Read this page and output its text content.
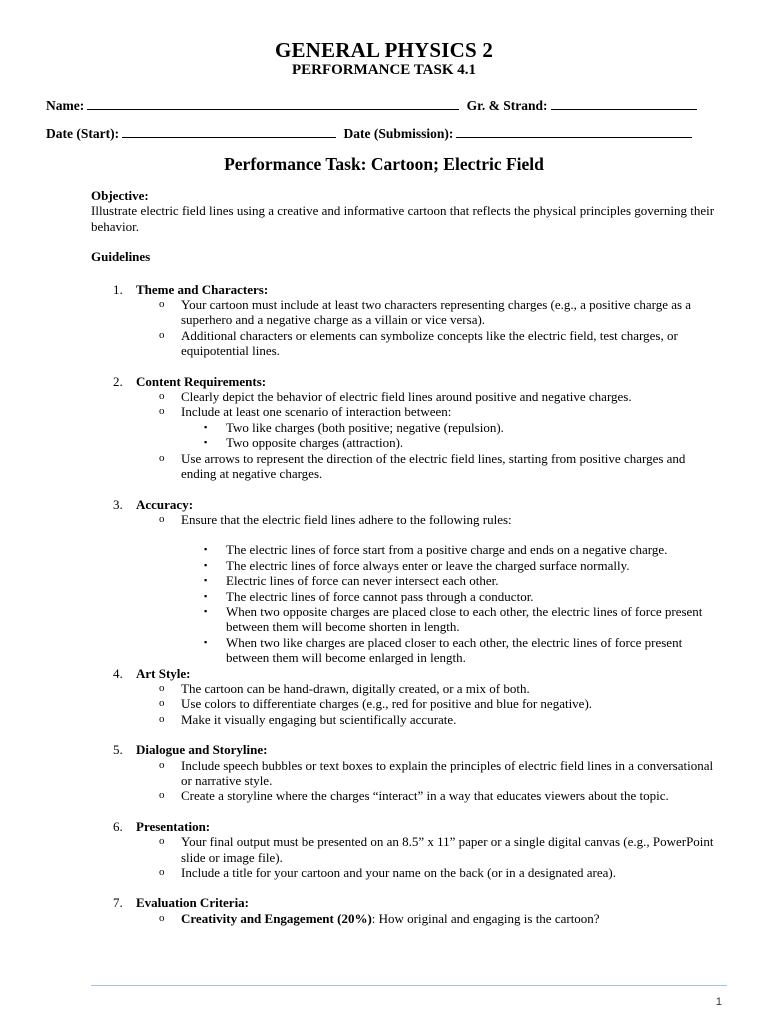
GENERAL PHYSICS 2
PERFORMANCE TASK 4.1
Name:	Gr. & Strand:
Date (Start):	Date (Submission):
Performance Task: Cartoon; Electric Field
Objective:
Illustrate electric field lines using a creative and informative cartoon that reflects the physical principles governing their behavior.
Guidelines
1. Theme and Characters:
o Your cartoon must include at least two characters representing charges (e.g., a positive charge as a superhero and a negative charge as a villain or vice versa).
o Additional characters or elements can symbolize concepts like the electric field, test charges, or equipotential lines.
2. Content Requirements:
o Clearly depict the behavior of electric field lines around positive and negative charges.
o Include at least one scenario of interaction between:
▪ Two like charges (both positive; negative (repulsion).
▪ Two opposite charges (attraction).
o Use arrows to represent the direction of the electric field lines, starting from positive charges and ending at negative charges.
3. Accuracy:
o Ensure that the electric field lines adhere to the following rules:
▪ The electric lines of force start from a positive charge and ends on a negative charge.
▪ The electric lines of force always enter or leave the charged surface normally.
▪ Electric lines of force can never intersect each other.
▪ The electric lines of force cannot pass through a conductor.
▪ When two opposite charges are placed close to each other, the electric lines of force present between them will become shorten in length.
▪ When two like charges are placed closer to each other, the electric lines of force present between them will become enlarged in length.
4. Art Style:
o The cartoon can be hand-drawn, digitally created, or a mix of both.
o Use colors to differentiate charges (e.g., red for positive and blue for negative).
o Make it visually engaging but scientifically accurate.
5. Dialogue and Storyline:
o Include speech bubbles or text boxes to explain the principles of electric field lines in a conversational or narrative style.
o Create a storyline where the charges “interact” in a way that educates viewers about the topic.
6. Presentation:
o Your final output must be presented on an 8.5” x 11” paper or a single digital canvas (e.g., PowerPoint slide or image file).
o Include a title for your cartoon and your name on the back (or in a designated area).
7. Evaluation Criteria:
o Creativity and Engagement (20%): How original and engaging is the cartoon?
1
